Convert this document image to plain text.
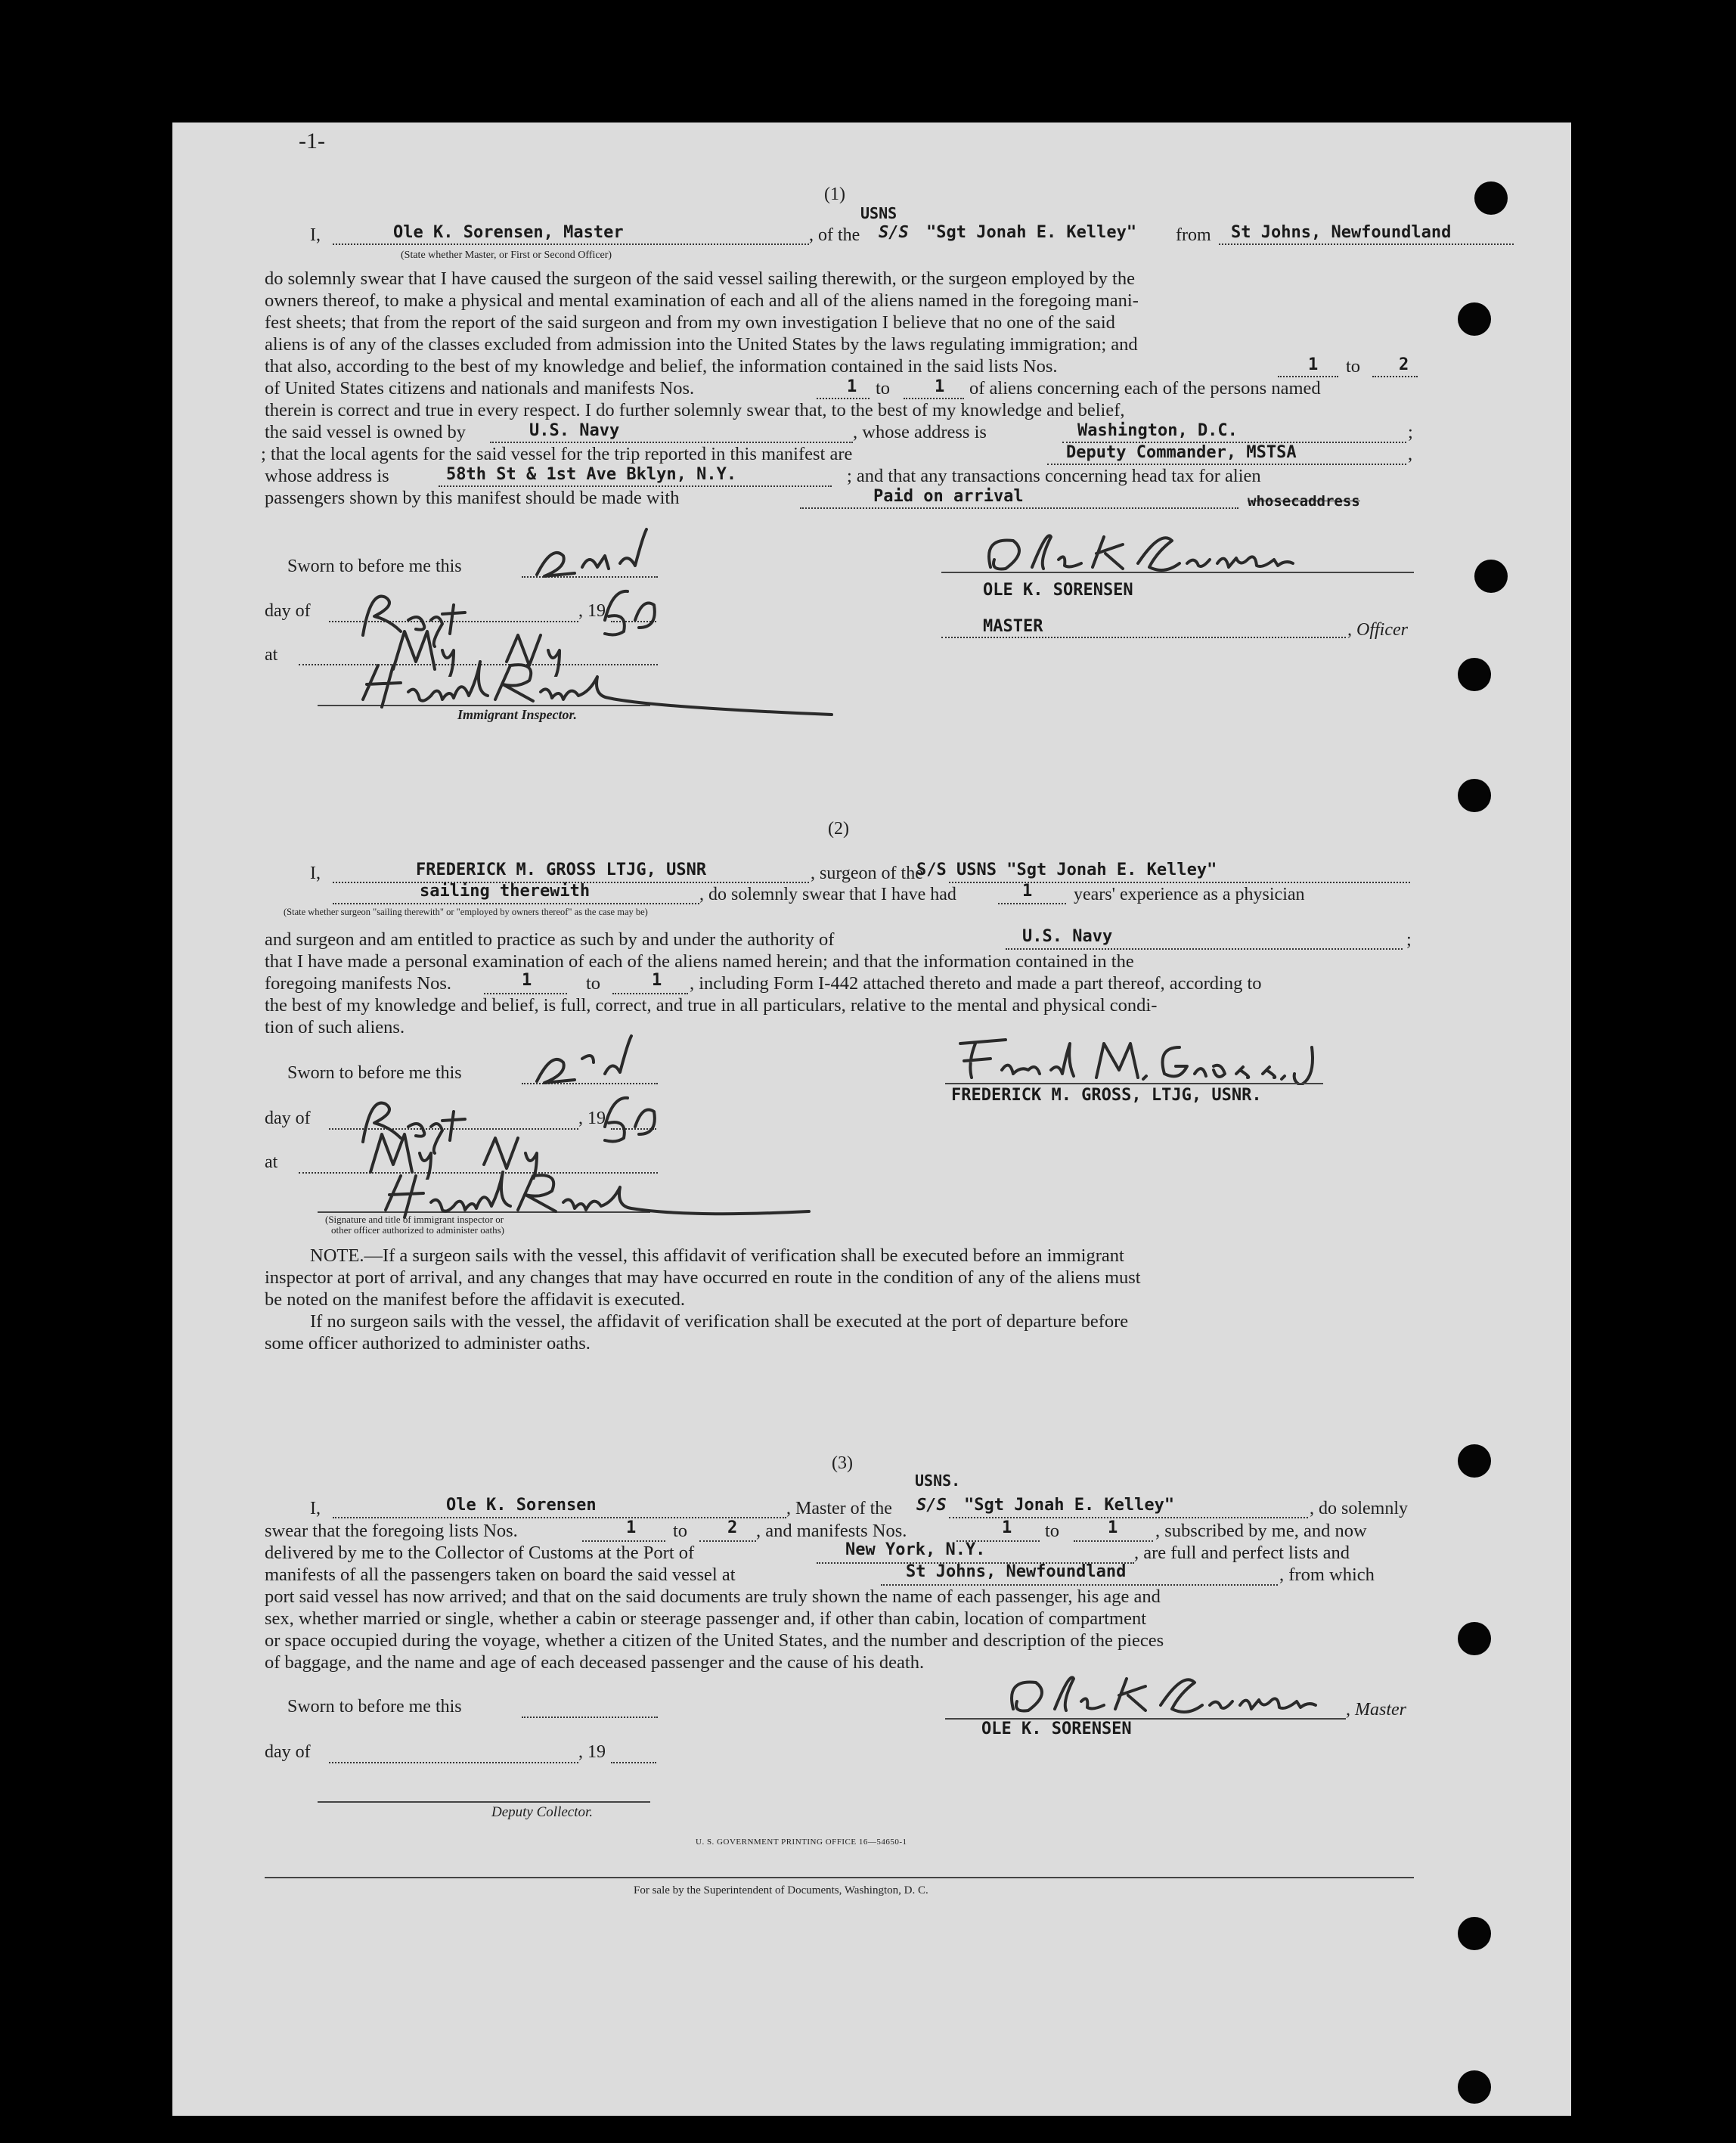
-1-
(1)
USNS
I,	Ole K. Sorensen, Master
(State whether Master, or First or Second Officer)
, of the S/S "Sgt Jonah E. Kelley" from St Johns, Newfoundland
do solemnly swear that I have caused the surgeon of the said vessel sailing therewith, or the surgeon employed by the
owners thereof, to make a physical and mental examination of each and all of the aliens named in the foregoing mani-
fest sheets; that from the report of the said surgeon and from my own investigation I believe that no one of the said
aliens is of any of the classes excluded from admission into the United States by the laws regulating immigration; and
that also, according to the best of my knowledge and belief, the information contained in the said lists Nos.	1 to 2
of United States citizens and nationals and manifests Nos.	1 to	1 of aliens concerning each of the persons named
therein is correct and true in every respect. I do further solemnly swear that, to the best of my knowledge and belief,
the said vessel is owned by	U.S. Navy	, whose address is	Washington, D.C.	;
; that the local agents for the said vessel for the trip reported in this manifest are	Deputy Commander, MSTSA	,
whose address is	58th St & 1st Ave Bklyn, N.Y.	; and that any transactions concerning head tax for alien
passengers shown by this manifest should be made with	Paid on arrival	whosecaddress
Sworn to before me this
day of	, 19
at
Immigrant Inspector.
OLE K. SORENSEN
MASTER	, Officer
(2)
I,	FREDERICK M. GROSS LTJG, USNR	, surgeon of the
S/S USNS "Sgt Jonah E. Kelley"
sailing therewith	, do solemnly swear that I have had	1 years' experience as a physician
(State whether surgeon "sailing therewith" or "employed by owners thereof" as the case may be)
and surgeon and am entitled to practice as such by and under the authority of	U.S. Navy	;
that I have made a personal examination of each of the aliens named herein; and that the information contained in the
foregoing manifests Nos.	1	to	1 , including Form I-442 attached thereto and made a part thereof, according to
the best of my knowledge and belief, is full, correct, and true in all particulars, relative to the mental and physical condi-
tion of such aliens.
Sworn to before me this
day of	, 19
at
(Signature and title of immigrant inspector or
other officer authorized to administer oaths)
FREDERICK M. GROSS, LTJG, USNR.
NOTE.—If a surgeon sails with the vessel, this affidavit of verification shall be executed before an immigrant
inspector at port of arrival, and any changes that may have occurred en route in the condition of any of the aliens must
be noted on the manifest before the affidavit is executed.
If no surgeon sails with the vessel, the affidavit of verification shall be executed at the port of departure before
some officer authorized to administer oaths.
(3)
USNS.
I,	Ole K. Sorensen	, Master of the S/S "Sgt Jonah E. Kelley"	, do solemnly
swear that the foregoing lists Nos.	1 to 2 , and manifests Nos.	1 to	1 , subscribed by me, and now
delivered by me to the Collector of Customs at the Port of	New York, N.Y.	, are full and perfect lists and
manifests of all the passengers taken on board the said vessel at	St Johns, Newfoundland	, from which
port said vessel has now arrived; and that on the said documents are truly shown the name of each passenger, his age and
sex, whether married or single, whether a cabin or steerage passenger and, if other than cabin, location of compartment
or space occupied during the voyage, whether a citizen of the United States, and the number and description of the pieces
of baggage, and the name and age of each deceased passenger and the cause of his death.
Sworn to before me this
day of	, 19
Deputy Collector.
, Master
OLE K. SORENSEN
U. S. GOVERNMENT PRINTING OFFICE 16—54650-1
For sale by the Superintendent of Documents, Washington, D. C.
